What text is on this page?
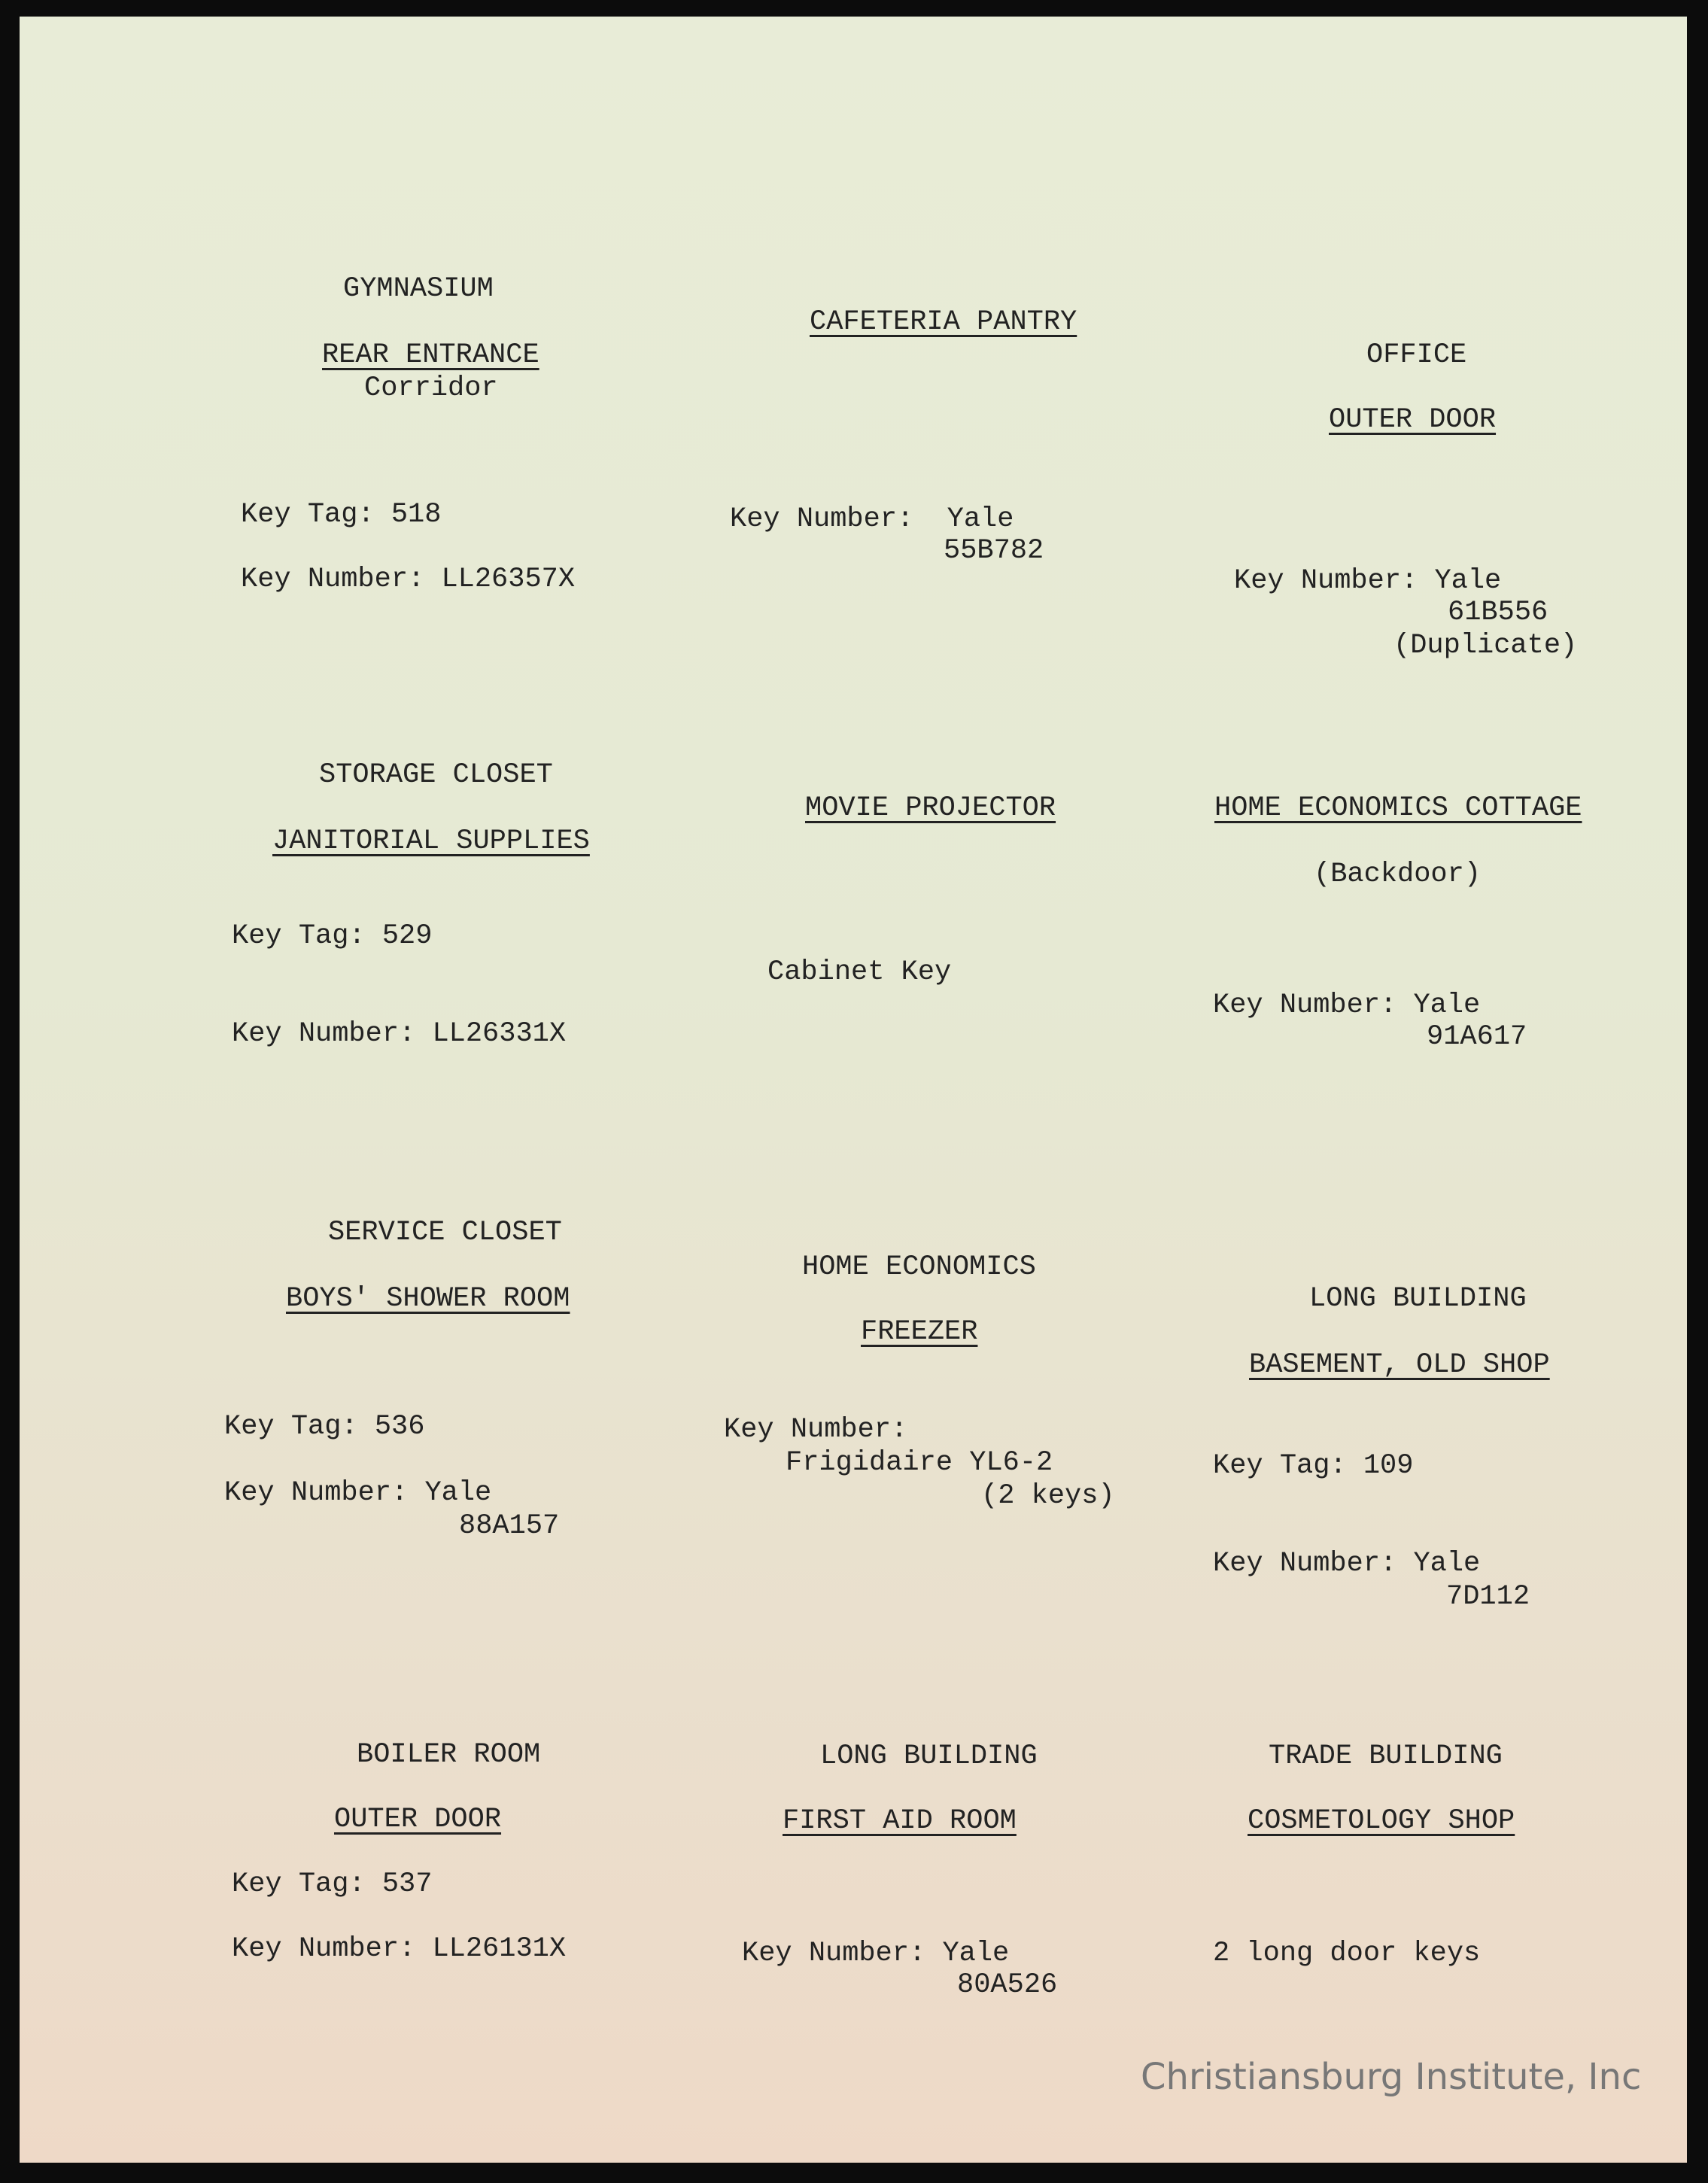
GYMNASIUM

REAR ENTRANCE

Corridor

Key Tag: 518

Key Number: LL26357X

CAFETERIA PANTRY

Key Number:  Yale

55B782

OFFICE

OUTER DOOR

Key Number: Yale

61B556

(Duplicate)

STORAGE CLOSET

JANITORIAL SUPPLIES

Key Tag: 529

Key Number: LL26331X

MOVIE PROJECTOR

Cabinet Key

HOME ECONOMICS COTTAGE

(Backdoor)

Key Number: Yale

91A617

SERVICE CLOSET

BOYS' SHOWER ROOM

Key Tag: 536

Key Number: Yale

88A157

HOME ECONOMICS

FREEZER

Key Number:

Frigidaire YL6-2

(2 keys)

LONG BUILDING

BASEMENT, OLD SHOP

Key Tag: 109

Key Number: Yale

7D112

BOILER ROOM

OUTER DOOR

Key Tag: 537

Key Number: LL26131X

LONG BUILDING

FIRST AID ROOM

Key Number: Yale

80A526

TRADE BUILDING

COSMETOLOGY SHOP

2 long door keys

Christiansburg Institute, Inc
